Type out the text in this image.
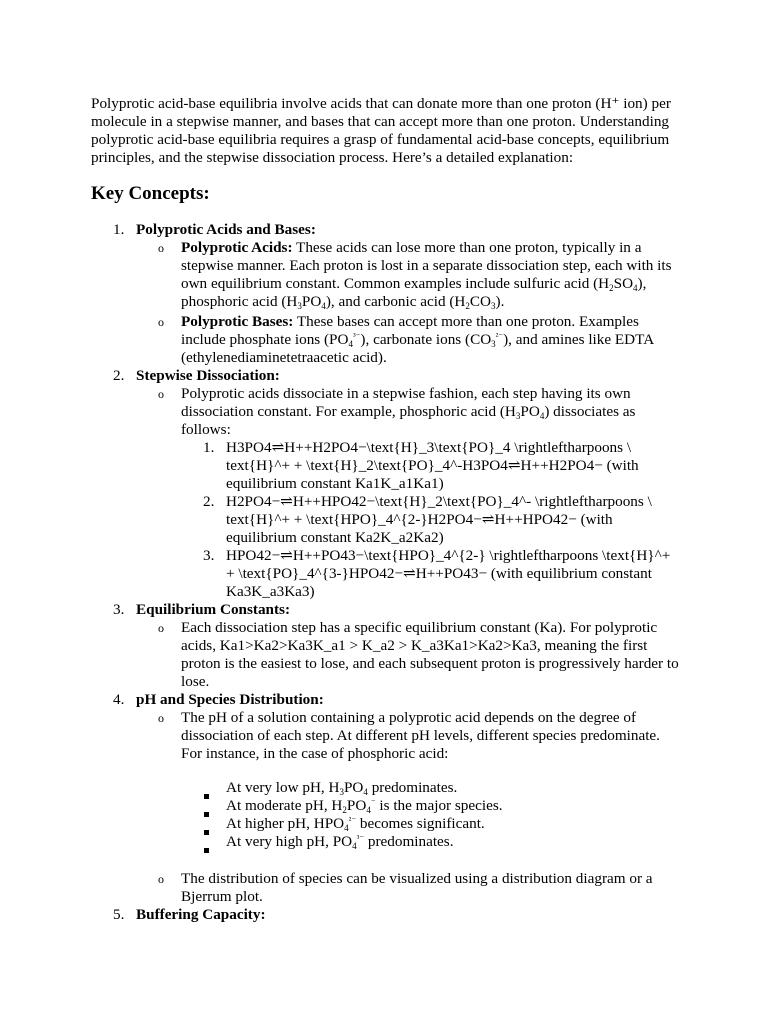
Polyprotic acid-base equilibria involve acids that can donate more than one proton (H⁺ ion) per
molecule in a stepwise manner, and bases that can accept more than one proton. Understanding
polyprotic acid-base equilibria requires a grasp of fundamental acid-base concepts, equilibrium
principles, and the stepwise dissociation process. Here’s a detailed explanation:
Key Concepts:
1. Polyprotic Acids and Bases:
o Polyprotic Acids: These acids can lose more than one proton, typically in a
stepwise manner. Each proton is lost in a separate dissociation step, each with its
own equilibrium constant. Common examples include sulfuric acid $(H_2SO_4)$,
phosphoric acid $(H_3PO_4)$, and carbonic acid $(H_2CO_3)$.
o Polyprotic Bases: These bases can accept more than one proton. Examples
include phosphate ions $(PO_4^{^{3-}})$, carbonate ions $(CO_3^{^{2-}})$, and amines like EDTA
(ethylenediaminetetraacetic acid).
2. Stepwise Dissociation:
o Polyprotic acids dissociate in a stepwise fashion, each step having its own
dissociation constant. For example, phosphoric acid $(H_3PO_4)$ dissociates as
follows:
1. H3PO4⇌H++H2PO4−\text{H}_3\text{PO}_4 \rightleftharpoons \
text{H}^+ + \text{H}_2\text{PO}_4^-H3PO4⇌H++H2PO4− (with
equilibrium constant Ka1K_a1Ka1)
2. H2PO4−⇌H++HPO42−\text{H}_2\text{PO}_4^- \rightleftharpoons \
text{H}^+ + \text{HPO}_4^{2-}H2PO4−⇌H++HPO42− (with
equilibrium constant Ka2K_a2Ka2)
3. HPO42−⇌H++PO43−\text{HPO}_4^{2-} \rightleftharpoons \text{H}^+
+ \text{PO}_4^{3-}HPO42−⇌H++PO43− (with equilibrium constant
Ka3K_a3Ka3)
3. Equilibrium Constants:
o Each dissociation step has a specific equilibrium constant (Ka). For polyprotic
acids, Ka1>Ka2>Ka3K_a1 > K_a2 > K_a3Ka1>Ka2>Ka3, meaning the first
proton is the easiest to lose, and each subsequent proton is progressively harder to
lose.
4. pH and Species Distribution:
o The pH of a solution containing a polyprotic acid depends on the degree of
dissociation of each step. At different pH levels, different species predominate.
For instance, in the case of phosphoric acid:
At very low pH, $H_3PO_4$ predominates.
At moderate pH, $H_2PO_4^{^-}$ is the major species.
At higher pH, $HPO_4^{^{2-}}$ becomes significant.
At very high pH, $PO_4^{^{3-}}$ predominates.
o The distribution of species can be visualized using a distribution diagram or a
Bjerrum plot.
5. Buffering Capacity:
